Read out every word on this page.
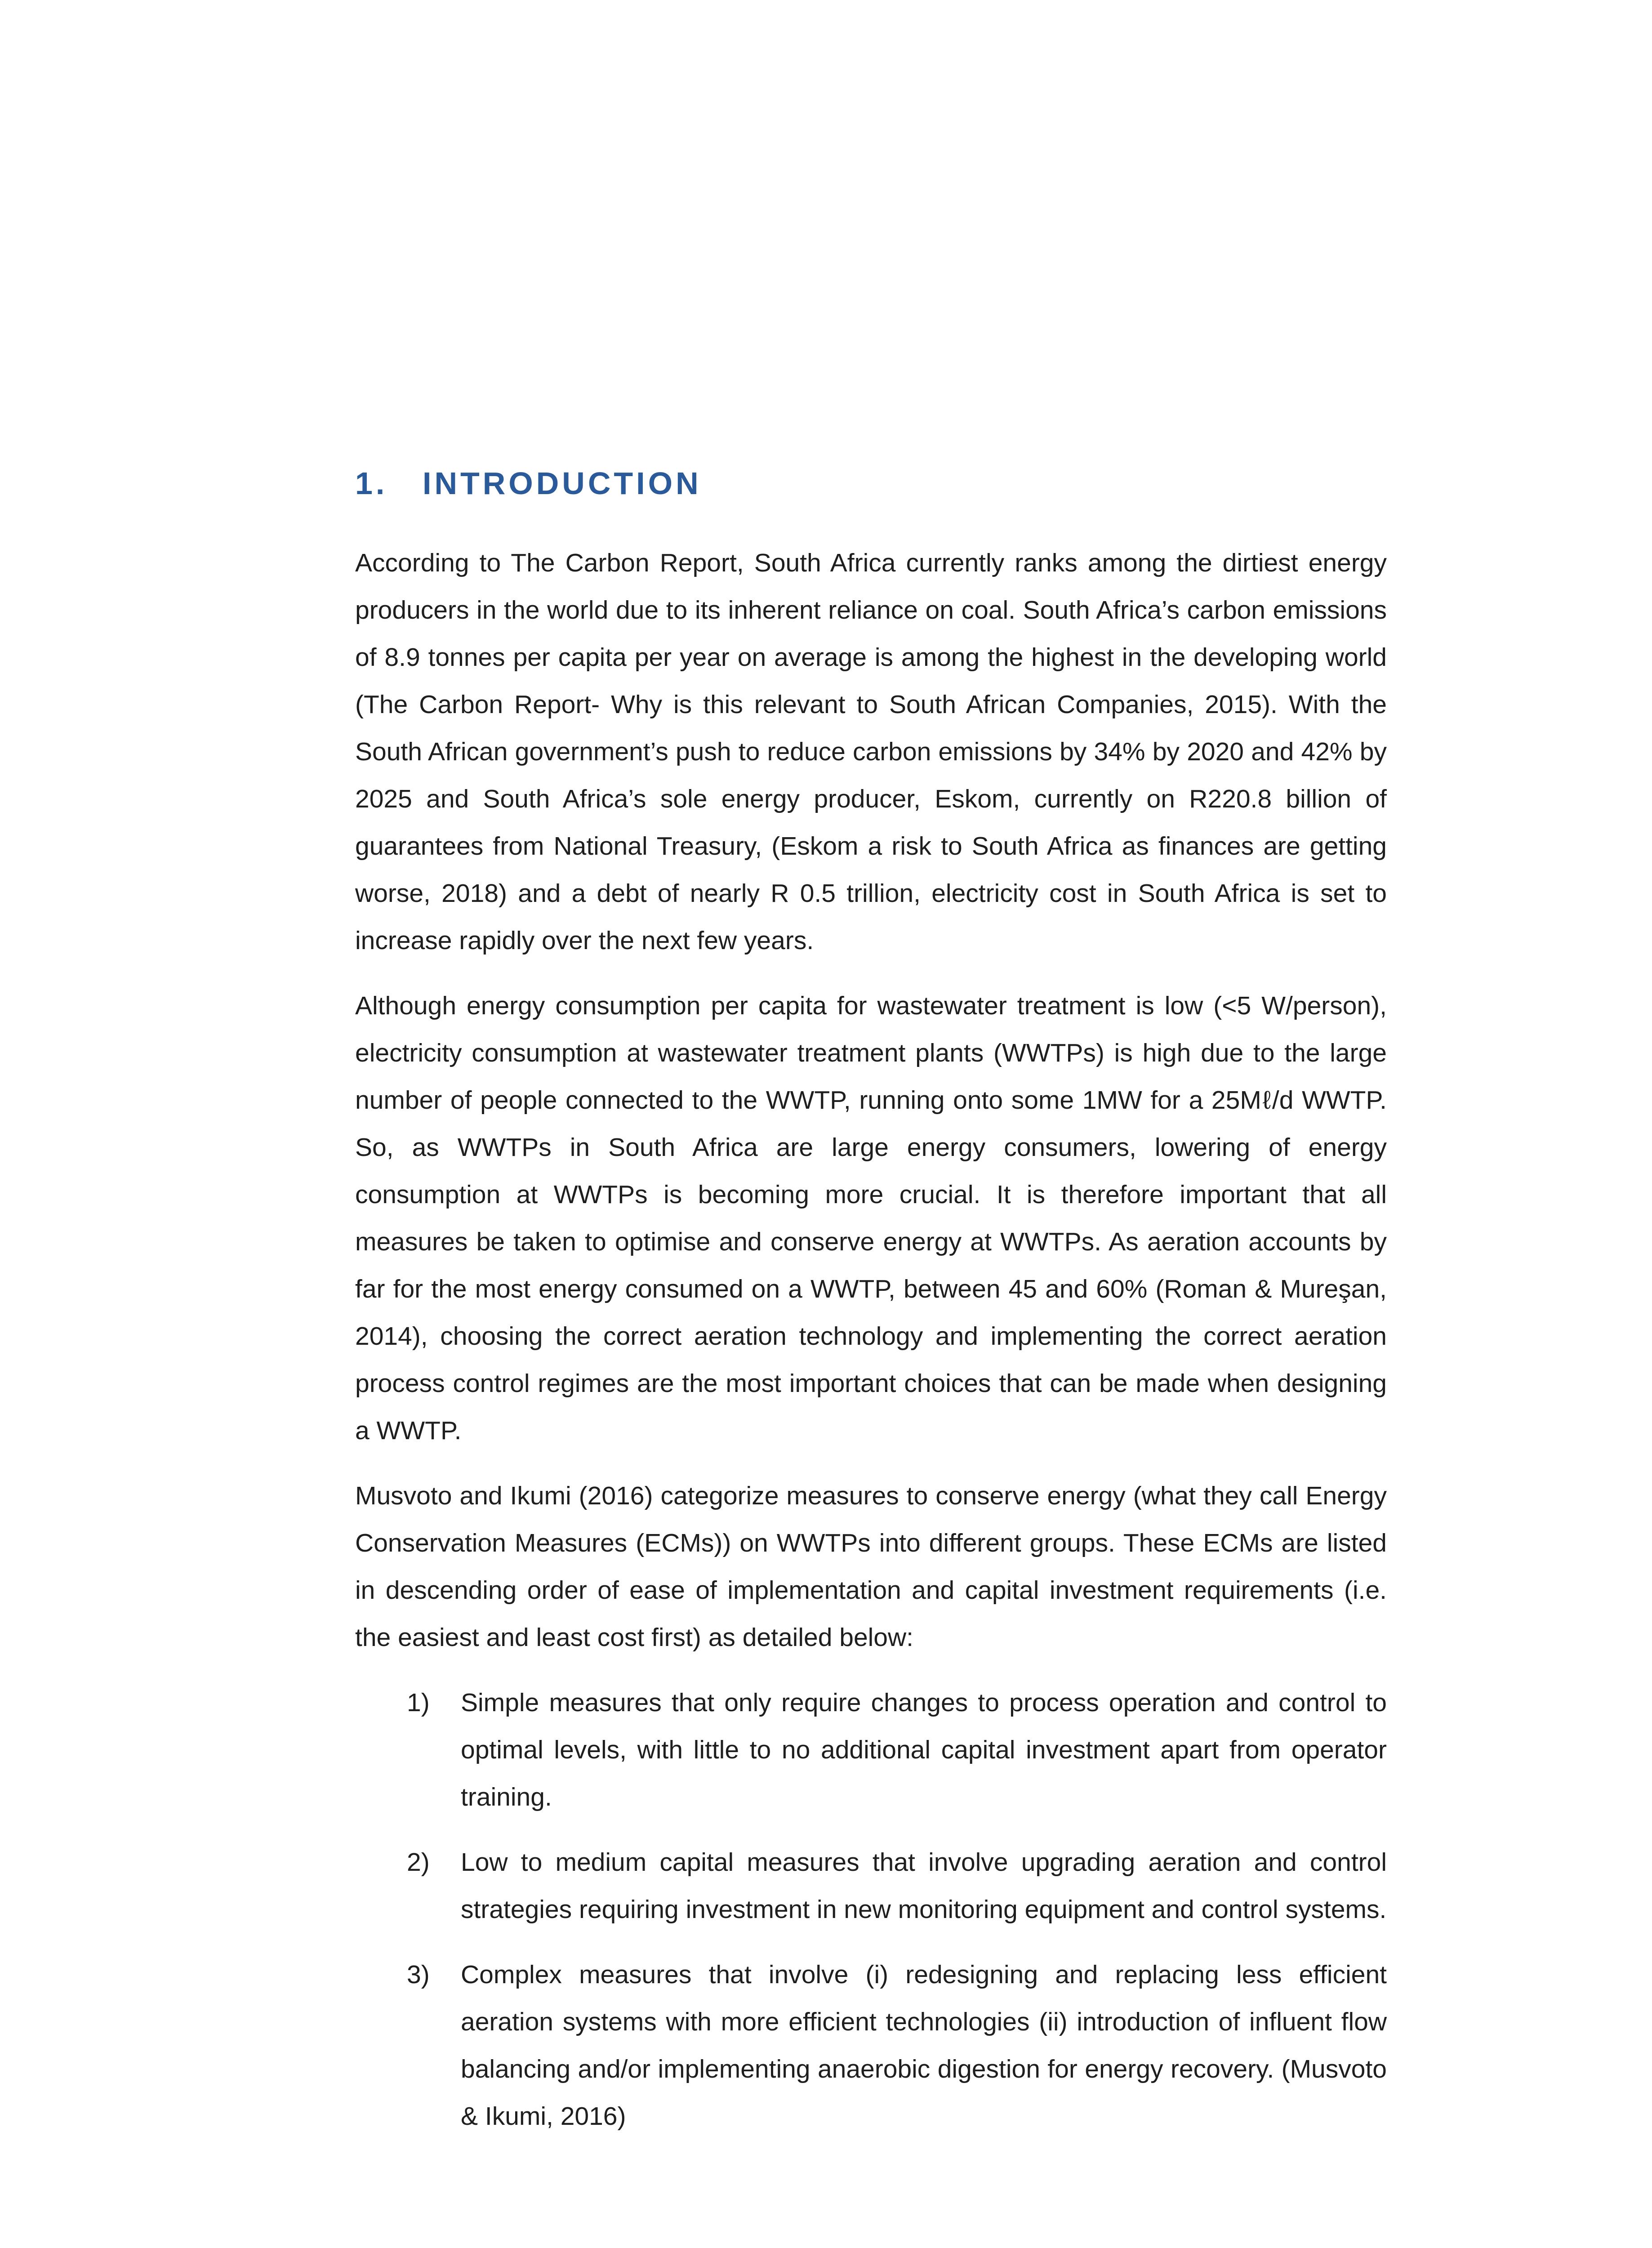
1. INTRODUCTION

According to The Carbon Report, South Africa currently ranks among the dirtiest energy producers in the world due to its inherent reliance on coal. South Africa’s carbon emissions of 8.9 tonnes per capita per year on average is among the highest in the developing world (The Carbon Report- Why is this relevant to South African Companies, 2015). With the South African government’s push to reduce carbon emissions by 34% by 2020 and 42% by 2025 and South Africa’s sole energy producer, Eskom, currently on R220.8 billion of guarantees from National Treasury, (Eskom a risk to South Africa as finances are getting worse, 2018) and a debt of nearly R 0.5 trillion, electricity cost in South Africa is set to increase rapidly over the next few years.

Although energy consumption per capita for wastewater treatment is low (<5 W/person), electricity consumption at wastewater treatment plants (WWTPs) is high due to the large number of people connected to the WWTP, running onto some 1MW for a 25Mℓ/d WWTP. So, as WWTPs in South Africa are large energy consumers, lowering of energy consumption at WWTPs is becoming more crucial. It is therefore important that all measures be taken to optimise and conserve energy at WWTPs. As aeration accounts by far for the most energy consumed on a WWTP, between 45 and 60% (Roman & Mureşan, 2014), choosing the correct aeration technology and implementing the correct aeration process control regimes are the most important choices that can be made when designing a WWTP.

Musvoto and Ikumi (2016) categorize measures to conserve energy (what they call Energy Conservation Measures (ECMs)) on WWTPs into different groups. These ECMs are listed in descending order of ease of implementation and capital investment requirements (i.e. the easiest and least cost first) as detailed below:

1) Simple measures that only require changes to process operation and control to optimal levels, with little to no additional capital investment apart from operator training.
2) Low to medium capital measures that involve upgrading aeration and control strategies requiring investment in new monitoring equipment and control systems.
3) Complex measures that involve (i) redesigning and replacing less efficient aeration systems with more efficient technologies (ii) introduction of influent flow balancing and/or implementing anaerobic digestion for energy recovery. (Musvoto & Ikumi, 2016)
